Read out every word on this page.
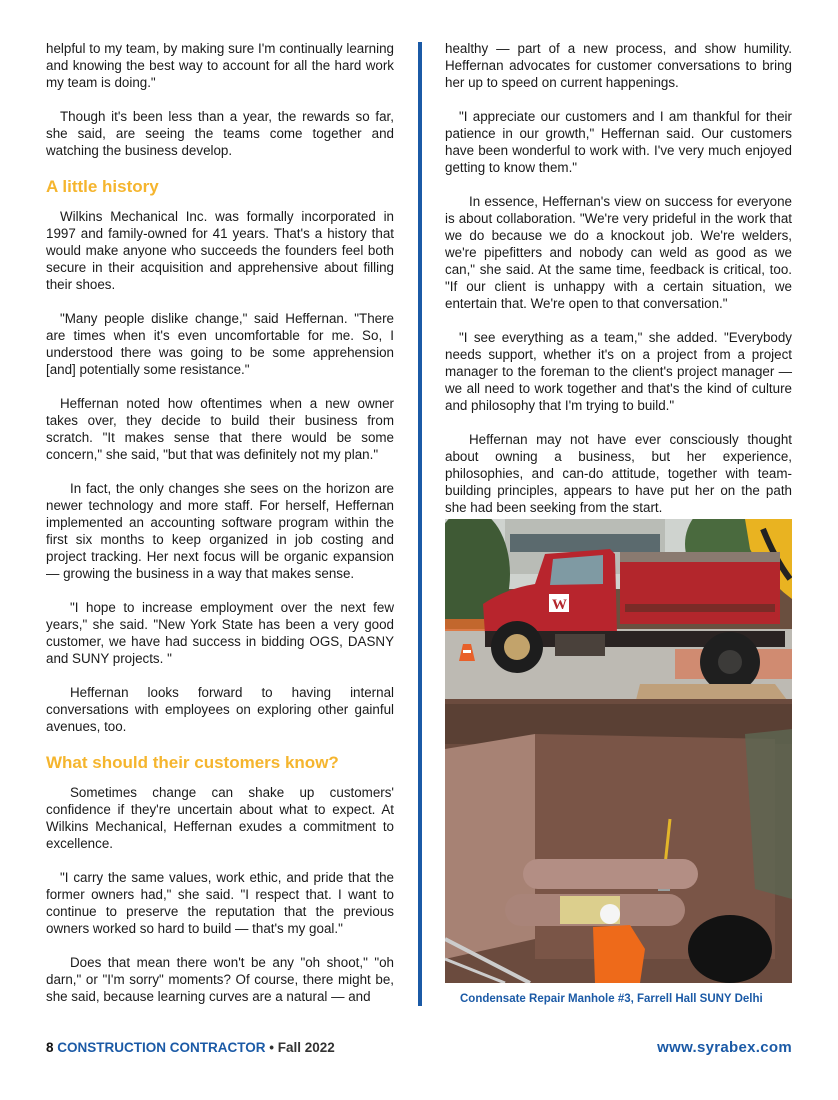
helpful to my team, by making sure I'm continually learning and knowing the best way to account for all the hard work my team is doing."

Though it's been less than a year, the rewards so far, she said, are seeing the teams come together and watching the business develop.

A little history

Wilkins Mechanical Inc. was formally incorporated in 1997 and family-owned for 41 years. That's a history that would make anyone who succeeds the founders feel both secure in their acquisition and apprehensive about filling their shoes.

"Many people dislike change," said Heffernan. "There are times when it's even uncomfortable for me. So, I understood there was going to be some apprehension [and] potentially some resistance."

Heffernan noted how oftentimes when a new owner takes over, they decide to build their business from scratch. "It makes sense that there would be some concern," she said, "but that was definitely not my plan."

In fact, the only changes she sees on the horizon are newer technology and more staff. For herself, Heffernan implemented an accounting software program within the first six months to keep organized in job costing and project tracking. Her next focus will be organic expansion — growing the business in a way that makes sense.

"I hope to increase employment over the next few years," she said. "New York State has been a very good customer, we have had success in bidding OGS, DASNY and SUNY projects. "

Heffernan looks forward to having internal conversations with employees on exploring other gainful avenues, too.

What should their customers know?

Sometimes change can shake up customers' confidence if they're uncertain about what to expect. At Wilkins Mechanical, Heffernan exudes a commitment to excellence.

"I carry the same values, work ethic, and pride that the former owners had," she said. "I respect that. I want to continue to preserve the reputation that the previous owners worked so hard to build — that's my goal."

Does that mean there won't be any "oh shoot," "oh darn," or "I'm sorry" moments? Of course, there might be, she said, because learning curves are a natural — and

healthy — part of a new process, and show humility. Heffernan advocates for customer conversations to bring her up to speed on current happenings.

"I appreciate our customers and I am thankful for their patience in our growth," Heffernan said. Our customers have been wonderful to work with. I've very much enjoyed getting to know them."

In essence, Heffernan's view on success for everyone is about collaboration. "We're very prideful in the work that we do because we do a knockout job. We're welders, we're pipefitters and nobody can weld as good as we can," she said. At the same time, feedback is critical, too. "If our client is unhappy with a certain situation, we entertain that. We're open to that conversation."

"I see everything as a team," she added. "Everybody needs support, whether it's on a project from a project manager to the foreman to the client's project manager — we all need to work together and that's the kind of culture and philosophy that I'm trying to build."

Heffernan may not have ever consciously thought about owning a business, but her experience, philosophies, and can-do attitude, together with team-building principles, appears to have put her on the path she had been seeking from the start.

W
Condensate Repair Manhole #3, Farrell Hall SUNY Delhi
8 CONSTRUCTION CONTRACTOR • Fall 2022	www.syrabex.com
